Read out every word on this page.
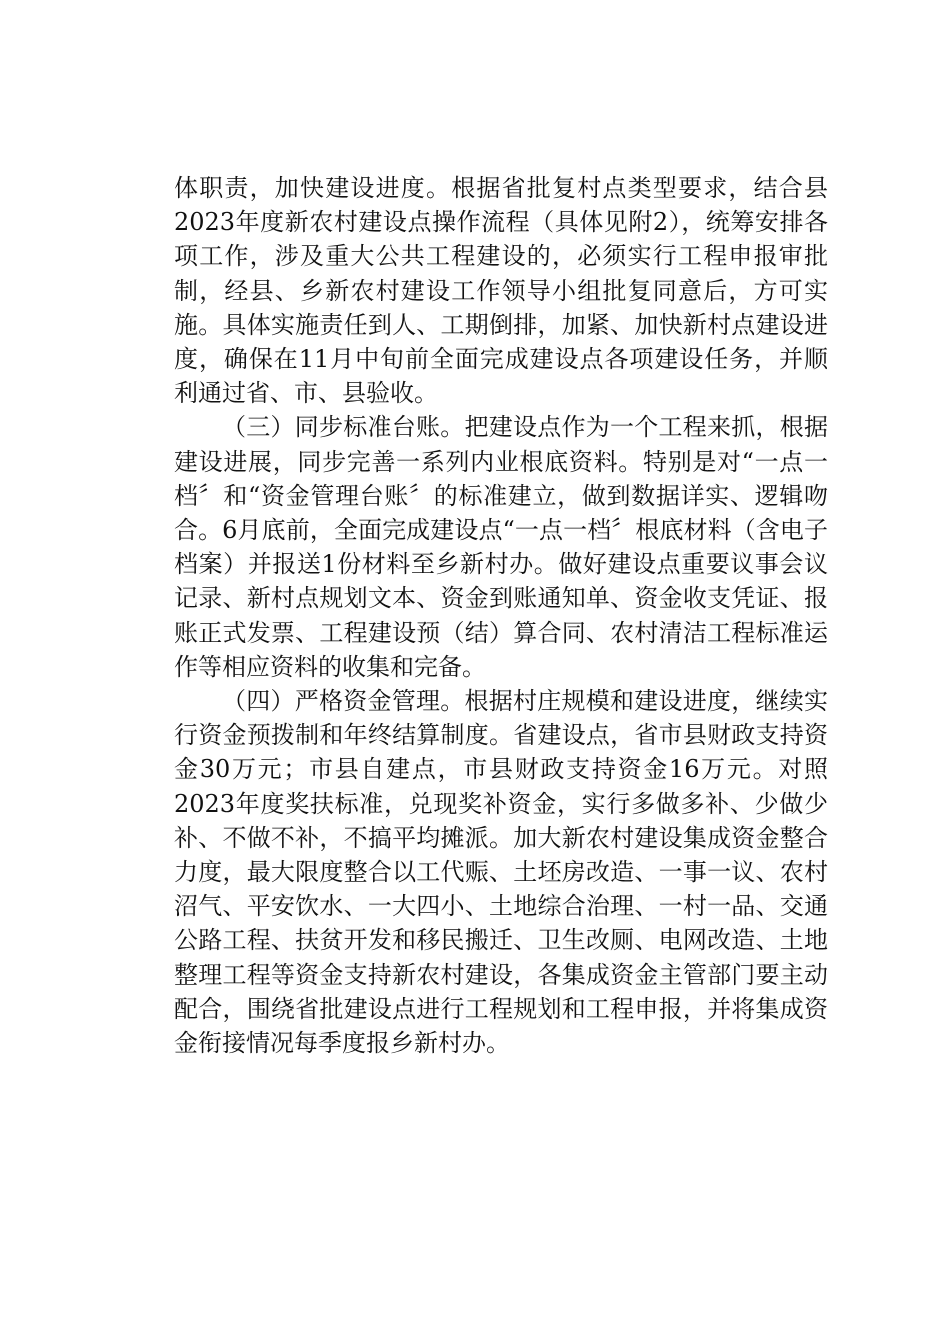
体职责，加快建设进度。根据省批复村点类型要求，结合县2023年度新农村建设点操作流程（具体见附2），统筹安排各项工作，涉及重大公共工程建设的，必须实行工程申报审批制，经县、乡新农村建设工作领导小组批复同意后，方可实施。具体实施责任到人、工期倒排，加紧、加快新村点建设进度，确保在11月中旬前全面完成建设点各项建设任务，并顺利通过省、市、县验收。

（三）同步标准台账。把建设点作为一个工程来抓，根据建设进展，同步完善一系列内业根底资料。特别是对“一点一档〞和“资金管理台账〞的标准建立，做到数据详实、逻辑吻合。6月底前，全面完成建设点“一点一档〞根底材料（含电子档案）并报送1份材料至乡新村办。做好建设点重要议事会议记录、新村点规划文本、资金到账通知单、资金收支凭证、报账正式发票、工程建设预（结）算合同、农村清洁工程标准运作等相应资料的收集和完备。

（四）严格资金管理。根据村庄规模和建设进度，继续实行资金预拨制和年终结算制度。省建设点，省市县财政支持资金30万元；市县自建点，市县财政支持资金16万元。对照2023年度奖扶标准，兑现奖补资金，实行多做多补、少做少补、不做不补，不搞平均摊派。加大新农村建设集成资金整合力度，最大限度整合以工代赈、土坯房改造、一事一议、农村沼气、平安饮水、一大四小、土地综合治理、一村一品、交通公路工程、扶贫开发和移民搬迁、卫生改厕、电网改造、土地整理工程等资金支持新农村建设，各集成资金主管部门要主动配合，围绕省批建设点进行工程规划和工程申报，并将集成资金衔接情况每季度报乡新村办。
